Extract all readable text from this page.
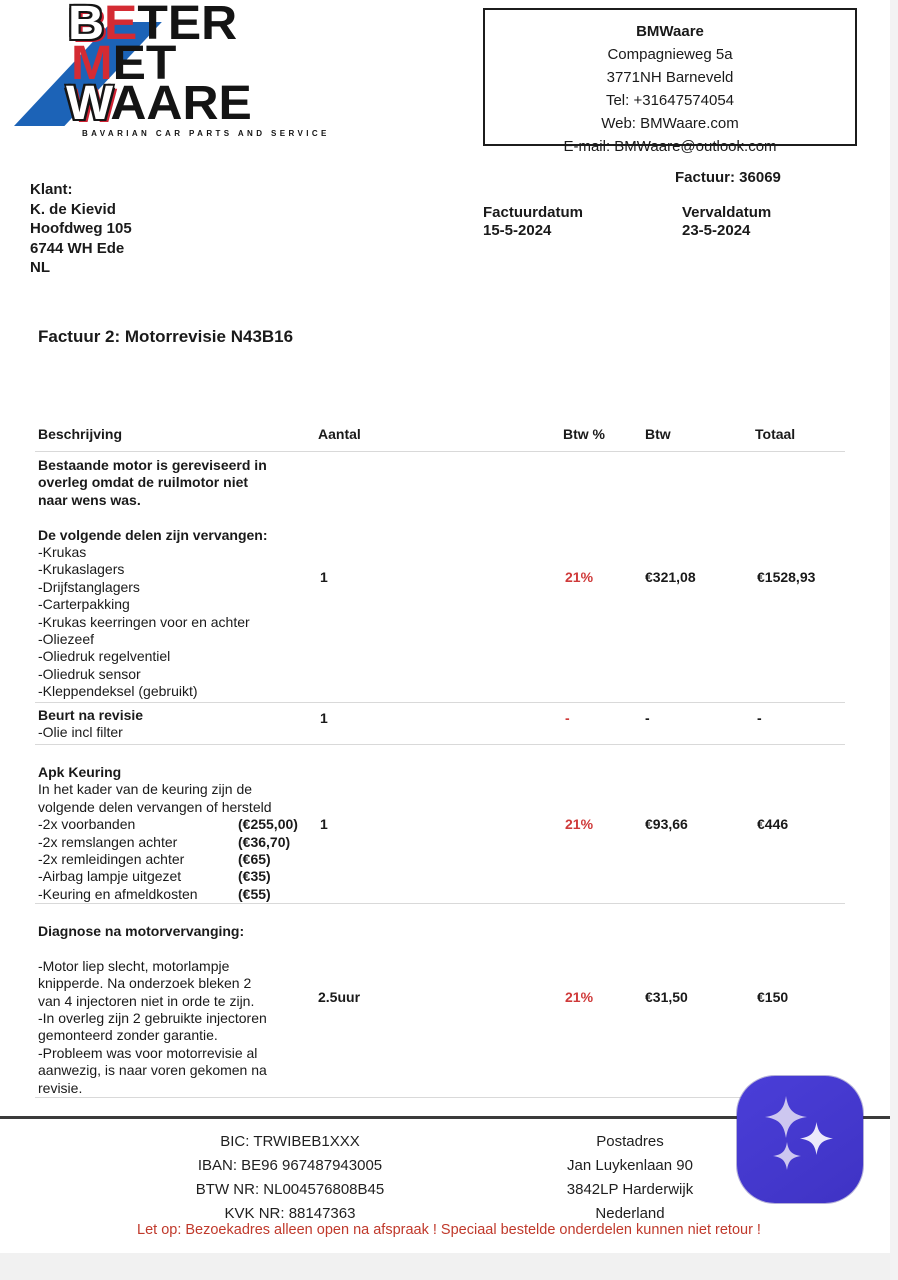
BETER
MET
WAARE
BAVARIAN CAR PARTS AND SERVICE
BMWaare
Compagnieweg 5a
3771NH Barneveld
Tel: +31647574054
Web: BMWaare.com
E-mail: BMWaare@outlook.com
Klant:
K. de Kievid
Hoofdweg 105
6744 WH Ede
NL
Factuur: 36069
Factuurdatum
15-5-2024
Vervaldatum
23-5-2024
Factuur 2: Motorrevisie N43B16
Beschrijving	Aantal	Btw %	Btw	Totaal
Bestaande motor is gereviseerd in
overleg omdat de ruilmotor niet
naar wens was.
De volgende delen zijn vervangen:
-Krukas
-Krukaslagers
-Drijfstanglagers
-Carterpakking
-Krukas keerringen voor en achter
-Oliezeef
-Oliedruk regelventiel
-Oliedruk sensor
-Kleppendeksel (gebruikt)
1	21%	€321,08	€1528,93
Beurt na revisie
-Olie incl filter
1	-	-	-
Apk Keuring
In het kader van de keuring zijn de
volgende delen vervangen of hersteld
-2x voorbanden	(€255,00)
-2x remslangen achter	(€36,70)
-2x remleidingen achter	(€65)
-Airbag lampje uitgezet	(€35)
-Keuring en afmeldkosten	(€55)
1	21%	€93,66	€446
Diagnose na motorvervanging:
-Motor liep slecht, motorlampje
knipperde. Na onderzoek bleken 2
van 4 injectoren niet in orde te zijn.
-In overleg zijn 2 gebruikte injectoren
gemonteerd zonder garantie.
-Probleem was voor motorrevisie al
aanwezig, is naar voren gekomen na
revisie.
2.5uur	21%	€31,50	€150
BIC: TRWIBEB1XXX
IBAN: BE96 967487943005
BTW NR: NL004576808B45
KVK NR: 88147363
Postadres
Jan Luykenlaan 90
3842LP Harderwijk
Nederland
Let op: Bezoekadres alleen open na afspraak ! Speciaal bestelde onderdelen kunnen niet retour !
